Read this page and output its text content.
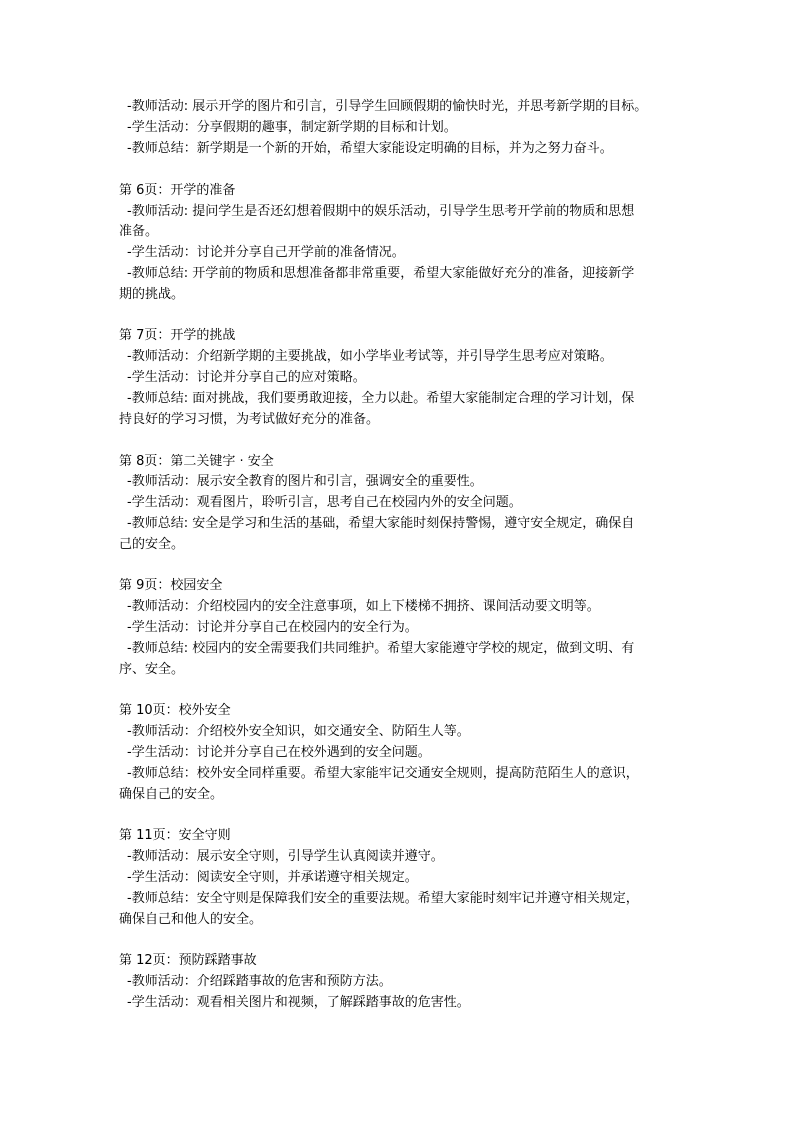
-教师活动: 展示开学的图片和引言，引导学生回顾假期的愉快时光，并思考新学期的目标。
-学生活动：分享假期的趣事，制定新学期的目标和计划。
-教师总结：新学期是一个新的开始，希望大家能设定明确的目标，并为之努力奋斗。
第 6页：开学的准备
-教师活动: 提问学生是否还幻想着假期中的娱乐活动，引导学生思考开学前的物质和思想
准备。
-学生活动：讨论并分享自己开学前的准备情况。
-教师总结: 开学前的物质和思想准备都非常重要，希望大家能做好充分的准备，迎接新学
期的挑战。
第 7页：开学的挑战
-教师活动：介绍新学期的主要挑战，如小学毕业考试等，并引导学生思考应对策略。
-学生活动：讨论并分享自己的应对策略。
-教师总结: 面对挑战，我们要勇敢迎接，全力以赴。希望大家能制定合理的学习计划，保
持良好的学习习惯，为考试做好充分的准备。
第 8页：第二关键字 · 安全
-教师活动：展示安全教育的图片和引言，强调安全的重要性。
-学生活动：观看图片，聆听引言，思考自己在校园内外的安全问题。
-教师总结: 安全是学习和生活的基础，希望大家能时刻保持警惕，遵守安全规定，确保自
己的安全。
第 9页：校园安全
-教师活动：介绍校园内的安全注意事项，如上下楼梯不拥挤、课间活动要文明等。
-学生活动：讨论并分享自己在校园内的安全行为。
-教师总结: 校园内的安全需要我们共同维护。希望大家能遵守学校的规定，做到文明、有
序、安全。
第 10页：校外安全
-教师活动：介绍校外安全知识，如交通安全、防陌生人等。
-学生活动：讨论并分享自己在校外遇到的安全问题。
-教师总结：校外安全同样重要。希望大家能牢记交通安全规则，提高防范陌生人的意识，
确保自己的安全。
第 11页：安全守则
-教师活动：展示安全守则，引导学生认真阅读并遵守。
-学生活动：阅读安全守则，并承诺遵守相关规定。
-教师总结：安全守则是保障我们安全的重要法规。希望大家能时刻牢记并遵守相关规定，
确保自己和他人的安全。
第 12页：预防踩踏事故
-教师活动：介绍踩踏事故的危害和预防方法。
-学生活动：观看相关图片和视频，了解踩踏事故的危害性。
